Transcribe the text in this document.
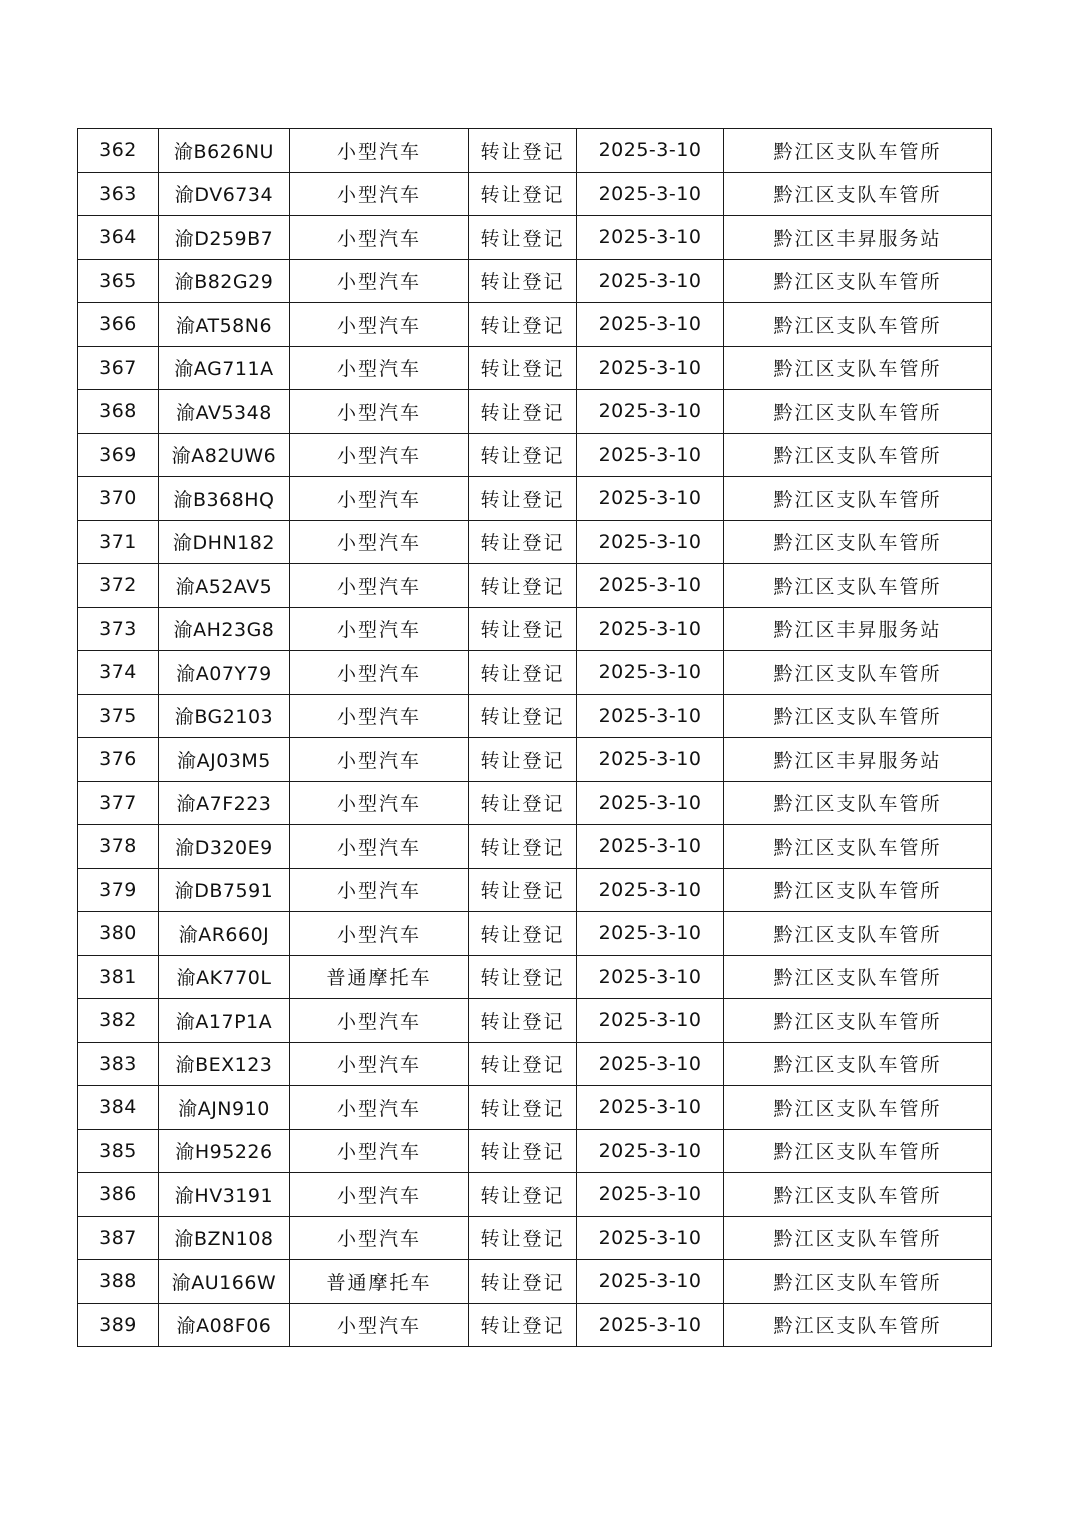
362	渝B626NU	小型汽车	转让登记	2025-3-10	黔江区支队车管所
363	渝DV6734	小型汽车	转让登记	2025-3-10	黔江区支队车管所
364	渝D259B7	小型汽车	转让登记	2025-3-10	黔江区丰昇服务站
365	渝B82G29	小型汽车	转让登记	2025-3-10	黔江区支队车管所
366	渝AT58N6	小型汽车	转让登记	2025-3-10	黔江区支队车管所
367	渝AG711A	小型汽车	转让登记	2025-3-10	黔江区支队车管所
368	渝AV5348	小型汽车	转让登记	2025-3-10	黔江区支队车管所
369	渝A82UW6	小型汽车	转让登记	2025-3-10	黔江区支队车管所
370	渝B368HQ	小型汽车	转让登记	2025-3-10	黔江区支队车管所
371	渝DHN182	小型汽车	转让登记	2025-3-10	黔江区支队车管所
372	渝A52AV5	小型汽车	转让登记	2025-3-10	黔江区支队车管所
373	渝AH23G8	小型汽车	转让登记	2025-3-10	黔江区丰昇服务站
374	渝A07Y79	小型汽车	转让登记	2025-3-10	黔江区支队车管所
375	渝BG2103	小型汽车	转让登记	2025-3-10	黔江区支队车管所
376	渝AJ03M5	小型汽车	转让登记	2025-3-10	黔江区丰昇服务站
377	渝A7F223	小型汽车	转让登记	2025-3-10	黔江区支队车管所
378	渝D320E9	小型汽车	转让登记	2025-3-10	黔江区支队车管所
379	渝DB7591	小型汽车	转让登记	2025-3-10	黔江区支队车管所
380	渝AR660J	小型汽车	转让登记	2025-3-10	黔江区支队车管所
381	渝AK770L	普通摩托车	转让登记	2025-3-10	黔江区支队车管所
382	渝A17P1A	小型汽车	转让登记	2025-3-10	黔江区支队车管所
383	渝BEX123	小型汽车	转让登记	2025-3-10	黔江区支队车管所
384	渝AJN910	小型汽车	转让登记	2025-3-10	黔江区支队车管所
385	渝H95226	小型汽车	转让登记	2025-3-10	黔江区支队车管所
386	渝HV3191	小型汽车	转让登记	2025-3-10	黔江区支队车管所
387	渝BZN108	小型汽车	转让登记	2025-3-10	黔江区支队车管所
388	渝AU166W	普通摩托车	转让登记	2025-3-10	黔江区支队车管所
389	渝A08F06	小型汽车	转让登记	2025-3-10	黔江区支队车管所
